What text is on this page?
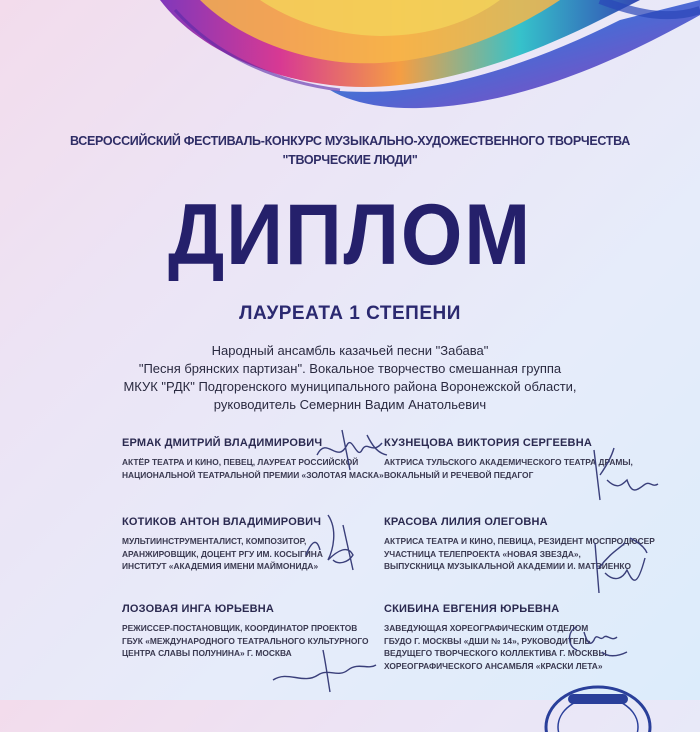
ВСЕРОССИЙСКИЙ ФЕСТИВАЛЬ-КОНКУРС МУЗЫКАЛЬНО-ХУДОЖЕСТВЕННОГО ТВОРЧЕСТВА
"ТВОРЧЕСКИЕ ЛЮДИ"
ДИПЛОМ
ЛАУРЕАТА 1 СТЕПЕНИ
Народный ансамбль казачьей песни "Забава"
"Песня брянских партизан". Вокальное творчество смешанная группа
МКУК "РДК" Подгоренского муниципального района Воронежской области,
руководитель Семернин Вадим Анатольевич
ЕРМАК ДМИТРИЙ ВЛАДИМИРОВИЧ
АКТЁР ТЕАТРА И КИНО, ПЕВЕЦ, ЛАУРЕАТ РОССИЙСКОЙ
НАЦИОНАЛЬНОЙ ТЕАТРАЛЬНОЙ ПРЕМИИ «ЗОЛОТАЯ МАСКА»
КУЗНЕЦОВА ВИКТОРИЯ СЕРГЕЕВНА
АКТРИСА ТУЛЬСКОГО АКАДЕМИЧЕСКОГО ТЕАТРА ДРАМЫ,
ВОКАЛЬНЫЙ И РЕЧЕВОЙ ПЕДАГОГ
КОТИКОВ АНТОН ВЛАДИМИРОВИЧ
МУЛЬТИИНСТРУМЕНТАЛИСТ, КОМПОЗИТОР,
АРАНЖИРОВЩИК, ДОЦЕНТ РГУ ИМ. КОСЫГИНА
ИНСТИТУТ «АКАДЕМИЯ ИМЕНИ МАЙМОНИДА»
КРАСОВА ЛИЛИЯ ОЛЕГОВНА
АКТРИСА ТЕАТРА И КИНО, ПЕВИЦА, РЕЗИДЕНТ МОСПРОДЮСЕР
УЧАСТНИЦА ТЕЛЕПРОЕКТА «НОВАЯ ЗВЕЗДА»,
ВЫПУСКНИЦА МУЗЫКАЛЬНОЙ АКАДЕМИИ И. МАТВИЕНКО
ЛОЗОВАЯ ИНГА ЮРЬЕВНА
РЕЖИССЕР-ПОСТАНОВЩИК, КООРДИНАТОР ПРОЕКТОВ
ГБУК «МЕЖДУНАРОДНОГО ТЕАТРАЛЬНОГО КУЛЬТУРНОГО
ЦЕНТРА СЛАВЫ ПОЛУНИНА» Г. МОСКВА
СКИБИНА ЕВГЕНИЯ ЮРЬЕВНА
ЗАВЕДУЮЩАЯ ХОРЕОГРАФИЧЕСКИМ ОТДЕЛОМ
ГБУДО Г. МОСКВЫ «ДШИ № 14», РУКОВОДИТЕЛЬ
ВЕДУЩЕГО ТВОРЧЕСКОГО КОЛЛЕКТИВА Г. МОСКВЫ
ХОРЕОГРАФИЧЕСКОГО АНСАМБЛЯ «КРАСКИ ЛЕТА»
